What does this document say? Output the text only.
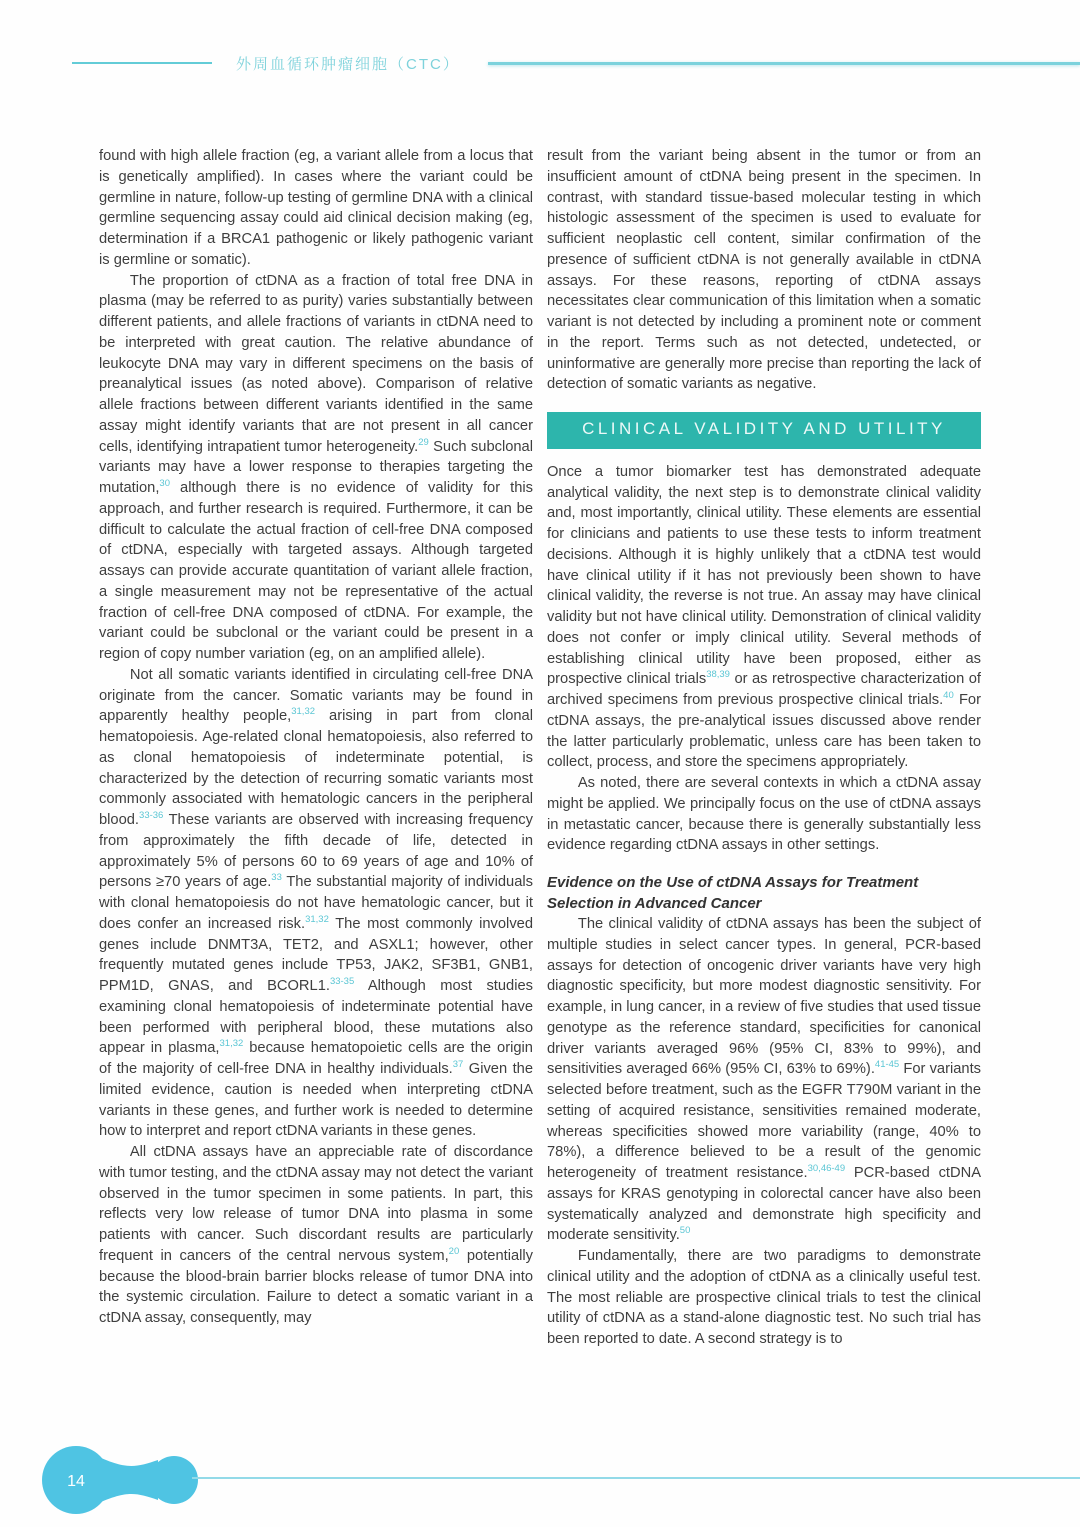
外周血循环肿瘤细胞（CTC）

found with high allele fraction (eg, a variant allele from a locus that is genetically amplified). In cases where the variant could be germline in nature, follow-up testing of germline DNA with a clinical germline sequencing assay could aid clinical decision making (eg, determination if a BRCA1 pathogenic or likely pathogenic variant is germline or somatic).

The proportion of ctDNA as a fraction of total free DNA in plasma (may be referred to as purity) varies substantially between different patients, and allele fractions of variants in ctDNA need to be interpreted with great caution. The relative abundance of leukocyte DNA may vary in different specimens on the basis of preanalytical issues (as noted above). Comparison of relative allele fractions between different variants identified in the same assay might identify variants that are not present in all cancer cells, identifying intrapatient tumor heterogeneity.$^{29}$ Such subclonal variants may have a lower response to therapies targeting the mutation,$^{30}$ although there is no evidence of validity for this approach, and further research is required. Furthermore, it can be difficult to calculate the actual fraction of cell-free DNA composed of ctDNA, especially with targeted assays. Although targeted assays can provide accurate quantitation of variant allele fraction, a single measurement may not be representative of the actual fraction of cell-free DNA composed of ctDNA. For example, the variant could be subclonal or the variant could be present in a region of copy number variation (eg, on an amplified allele).

Not all somatic variants identified in circulating cell-free DNA originate from the cancer. Somatic variants may be found in apparently healthy people,$^{31,32}$ arising in part from clonal hematopoiesis. Age-related clonal hematopoiesis, also referred to as clonal hematopoiesis of indeterminate potential, is characterized by the detection of recurring somatic variants most commonly associated with hematologic cancers in the peripheral blood.$^{33-36}$ These variants are observed with increasing frequency from approximately the fifth decade of life, detected in approximately 5% of persons 60 to 69 years of age and 10% of persons ≥70 years of age.$^{33}$ The substantial majority of individuals with clonal hematopoiesis do not have hematologic cancer, but it does confer an increased risk.$^{31,32}$ The most commonly involved genes include DNMT3A, TET2, and ASXL1; however, other frequently mutated genes include TP53, JAK2, SF3B1, GNB1, PPM1D, GNAS, and BCORL1.$^{33-35}$ Although most studies examining clonal hematopoiesis of indeterminate potential have been performed with peripheral blood, these mutations also appear in plasma,$^{31,32}$ because hematopoietic cells are the origin of the majority of cell-free DNA in healthy individuals.$^{37}$ Given the limited evidence, caution is needed when interpreting ctDNA variants in these genes, and further work is needed to determine how to interpret and report ctDNA variants in these genes.

All ctDNA assays have an appreciable rate of discordance with tumor testing, and the ctDNA assay may not detect the variant observed in the tumor specimen in some patients. In part, this reflects very low release of tumor DNA into plasma in some patients with cancer. Such discordant results are particularly frequent in cancers of the central nervous system,$^{20}$ potentially because the blood-brain barrier blocks release of tumor DNA into the systemic circulation. Failure to detect a somatic variant in a ctDNA assay, consequently, may

result from the variant being absent in the tumor or from an insufficient amount of ctDNA being present in the specimen. In contrast, with standard tissue-based molecular testing in which histologic assessment of the specimen is used to evaluate for sufficient neoplastic cell content, similar confirmation of the presence of sufficient ctDNA is not generally available in ctDNA assays. For these reasons, reporting of ctDNA assays necessitates clear communication of this limitation when a somatic variant is not detected by including a prominent note or comment in the report. Terms such as not detected, undetected, or uninformative are generally more precise than reporting the lack of detection of somatic variants as negative.

CLINICAL VALIDITY AND UTILITY

Once a tumor biomarker test has demonstrated adequate analytical validity, the next step is to demonstrate clinical validity and, most importantly, clinical utility. These elements are essential for clinicians and patients to use these tests to inform treatment decisions. Although it is highly unlikely that a ctDNA test would have clinical utility if it has not previously been shown to have clinical validity, the reverse is not true. An assay may have clinical validity but not have clinical utility. Demonstration of clinical validity does not confer or imply clinical utility. Several methods of establishing clinical utility have been proposed, either as prospective clinical trials$^{38,39}$ or as retrospective characterization of archived specimens from previous prospective clinical trials.$^{40}$ For ctDNA assays, the pre-analytical issues discussed above render the latter particularly problematic, unless care has been taken to collect, process, and store the specimens appropriately.

As noted, there are several contexts in which a ctDNA assay might be applied. We principally focus on the use of ctDNA assays in metastatic cancer, because there is generally substantially less evidence regarding ctDNA assays in other settings.

Evidence on the Use of ctDNA Assays for Treatment Selection in Advanced Cancer

The clinical validity of ctDNA assays has been the subject of multiple studies in select cancer types. In general, PCR-based assays for detection of oncogenic driver variants have very high diagnostic specificity, but more modest diagnostic sensitivity. For example, in lung cancer, in a review of five studies that used tissue genotype as the reference standard, specificities for canonical driver variants averaged 96% (95% CI, 83% to 99%), and sensitivities averaged 66% (95% CI, 63% to 69%).$^{41-45}$ For variants selected before treatment, such as the EGFR T790M variant in the setting of acquired resistance, sensitivities remained moderate, whereas specificities showed more variability (range, 40% to 78%), a difference believed to be a result of the genomic heterogeneity of treatment resistance.$^{30,46-49}$ PCR-based ctDNA assays for KRAS genotyping in colorectal cancer have also been systematically analyzed and demonstrate high specificity and moderate sensitivity.$^{50}$

Fundamentally, there are two paradigms to demonstrate clinical utility and the adoption of ctDNA as a clinically useful test. The most reliable are prospective clinical trials to test the clinical utility of ctDNA as a stand-alone diagnostic test. No such trial has been reported to date. A second strategy is to

14
